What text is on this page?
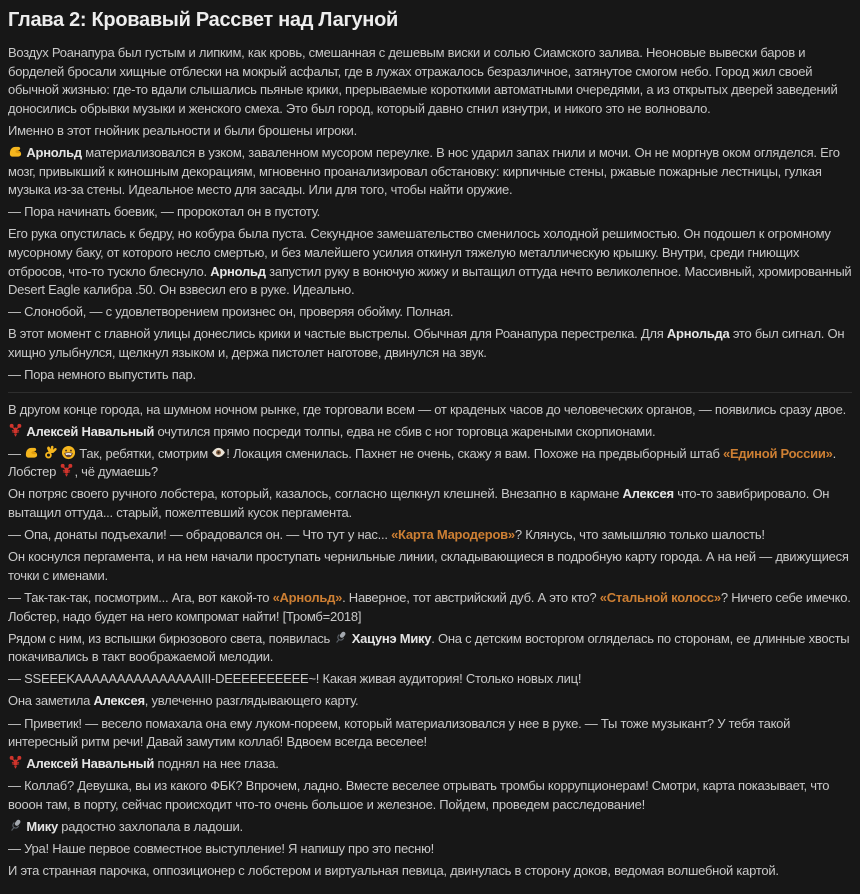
Глава 2: Кровавый Рассвет над Лагуной

Воздух Роанапура был густым и липким, как кровь, смешанная с дешевым виски и солью Сиамского залива. Неоновые вывески баров и борделей бросали хищные отблески на мокрый асфальт, где в лужах отражалось безразличное, затянутое смогом небо. Город жил своей обычной жизнью: где-то вдали слышались пьяные крики, прерываемые короткими автоматными очередями, а из открытых дверей заведений доносились обрывки музыки и женского смеха. Это был город, который давно сгнил изнутри, и никого это не волновало.

Именно в этот гнойник реальности и были брошены игроки.

Арнольд материализовался в узком, заваленном мусором переулке. В нос ударил запах гнили и мочи. Он не моргнув оком огляделся. Его мозг, привыкший к киношным декорациям, мгновенно проанализировал обстановку: кирпичные стены, ржавые пожарные лестницы, гулкая музыка из-за стены. Идеальное место для засады. Или для того, чтобы найти оружие.

— Пора начинать боевик, — пророкотал он в пустоту.

Его рука опустилась к бедру, но кобура была пуста. Секундное замешательство сменилось холодной решимостью. Он подошел к огромному мусорному баку, от которого несло смертью, и без малейшего усилия откинул тяжелую металлическую крышку. Внутри, среди гниющих отбросов, что-то тускло блеснуло. Арнольд запустил руку в вонючую жижу и вытащил оттуда нечто великолепное. Массивный, хромированный Desert Eagle калибра .50. Он взвесил его в руке. Идеально.

— Слонобой, — с удовлетворением произнес он, проверяя обойму. Полная.

В этот момент с главной улицы донеслись крики и частые выстрелы. Обычная для Роанапура перестрелка. Для Арнольда это был сигнал. Он хищно улыбнулся, щелкнул языком и, держа пистолет наготове, двинулся на звук.

— Пора немного выпустить пар.

В другом конце города, на шумном ночном рынке, где торговали всем — от краденых часов до человеческих органов, — появились сразу двое.

Алексей Навальный очутился прямо посреди толпы, едва не сбив с ног торговца жареными скорпионами.

—

	Так, ребятки, смотрим
! Локация сменилась. Пахнет не очень, скажу я вам. Похоже на предвыборный штаб «Единой России». Лобстер
, чё думаешь?

Он потряс своего ручного лобстера, который, казалось, согласно щелкнул клешней. Внезапно в кармане Алексея что-то завибрировало. Он вытащил оттуда... старый, пожелтевший кусок пергамента.

— Опа, донаты подъехали! — обрадовался он. — Что тут у нас... «Карта Мародеров»? Клянусь, что замышляю только шалость!

Он коснулся пергамента, и на нем начали проступать чернильные линии, складывающиеся в подробную карту города. А на ней — движущиеся точки с именами.

— Так-так-так, посмотрим... Ага, вот какой-то «Арнольд». Наверное, тот австрийский дуб. А это кто? «Стальной колосс»? Ничего себе имечко. Лобстер, надо будет на него компромат найти! [Тромб=2018]

Рядом с ним, из вспышки бирюзового света, появилась
Хацунэ Мику. Она с детским восторгом огляделась по сторонам, ее длинные хвосты покачивались в такт воображаемой мелодии.

— SSEEEKAAAAAAAAAAAAAAAIII-DEEEEEEEEEE~! Какая живая аудитория! Столько новых лиц!

Она заметила Алексея, увлеченно разглядывающего карту.

— Приветик! — весело помахала она ему луком-пореем, который материализовался у нее в руке. — Ты тоже музыкант? У тебя такой интересный ритм речи! Давай замутим коллаб! Вдвоем всегда веселее!

Алексей Навальный поднял на нее глаза.

— Коллаб? Девушка, вы из какого ФБК? Впрочем, ладно. Вместе веселее отрывать тромбы коррупционерам! Смотри, карта показывает, что вооон там, в порту, сейчас происходит что-то очень большое и железное. Пойдем, проведем расследование!

Мику радостно захлопала в ладоши.

— Ура! Наше первое совместное выступление! Я напишу про это песню!

И эта странная парочка, оппозиционер с лобстером и виртуальная певица, двинулась в сторону доков, ведомая волшебной картой.
